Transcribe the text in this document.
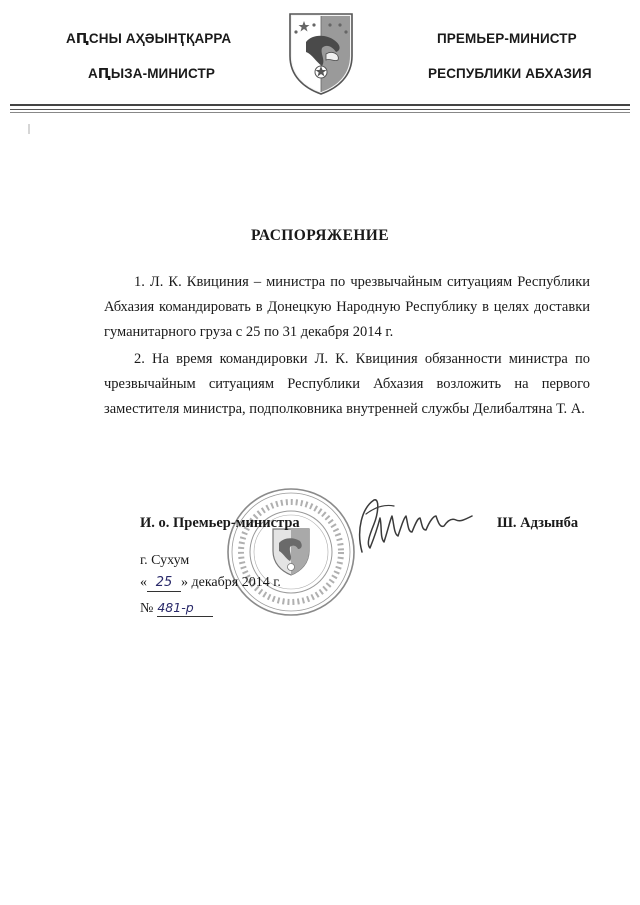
АԤСНЫ АҲӘЫНҬҚАРРА
АԤЫЗА-МИНИСТР
ПРЕМЬЕР-МИНИСТР
РЕСПУБЛИКИ АБХАЗИЯ
РАСПОРЯЖЕНИЕ
1. Л. К. Квициния – министра по чрезвычайным ситуациям Республики Абхазия командировать в Донецкую Народную Республику в целях доставки гуманитарного груза с 25 по 31 декабря 2014 г.
2. На время командировки Л. К. Квициния обязанности министра по чрезвычайным ситуациям Республики Абхазия возложить на первого заместителя министра, подполковника внутренней службы Делибалтяна Т. А.
И. о. Премьер-министра	Ш. Адзынба
г. Сухум
« 25 » декабря 2014 г.
№ 481-р
